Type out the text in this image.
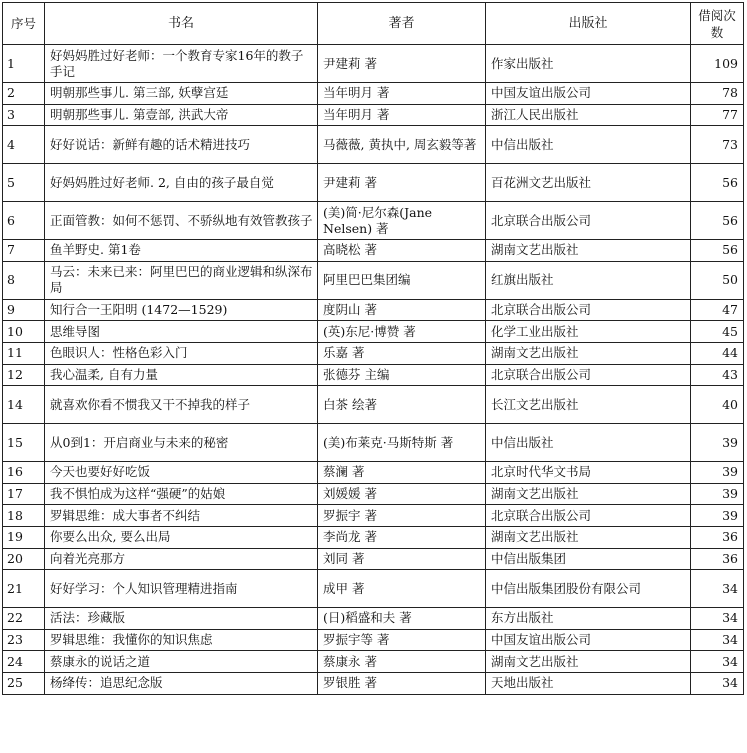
序号	书名	著者	出版社	借阅次数
1	好妈妈胜过好老师：一个教育专家16年的教子手记	尹建莉 著	作家出版社	109
2	明朝那些事儿. 第三部, 妖孽宫廷	当年明月 著	中国友谊出版公司	78
3	明朝那些事儿. 第壹部, 洪武大帝	当年明月 著	浙江人民出版社	77
4	好好说话：新鲜有趣的话术精进技巧	马薇薇, 黄执中, 周玄毅等著	中信出版社	73
5	好妈妈胜过好老师. 2, 自由的孩子最自觉	尹建莉 著	百花洲文艺出版社	56
6	正面管教：如何不惩罚、不骄纵地有效管教孩子	(美)简·尼尔森(Jane Nelsen) 著	北京联合出版公司	56
7	鱼羊野史. 第1卷	高晓松 著	湖南文艺出版社	56
8	马云：未来已来：阿里巴巴的商业逻辑和纵深布局	阿里巴巴集团编	红旗出版社	50
9	知行合一王阳明 (1472—1529)	度阴山 著	北京联合出版公司	47
10	思维导图	(英)东尼·博赞 著	化学工业出版社	45
11	色眼识人：性格色彩入门	乐嘉 著	湖南文艺出版社	44
12	我心温柔, 自有力量	张德芬 主编	北京联合出版公司	43
14	就喜欢你看不惯我又干不掉我的样子	白茶 绘著	长江文艺出版社	40
15	从0到1：开启商业与未来的秘密	(美)布莱克·马斯特斯 著	中信出版社	39
16	今天也要好好吃饭	蔡澜 著	北京时代华文书局	39
17	我不惧怕成为这样“强硬”的姑娘	刘媛媛 著	湖南文艺出版社	39
18	罗辑思维：成大事者不纠结	罗振宇 著	北京联合出版公司	39
19	你要么出众, 要么出局	李尚龙 著	湖南文艺出版社	36
20	向着光亮那方	刘同 著	中信出版集团	36
21	好好学习：个人知识管理精进指南	成甲 著	中信出版集团股份有限公司	34
22	活法：珍藏版	(日)稻盛和夫 著	东方出版社	34
23	罗辑思维：我懂你的知识焦虑	罗振宇等 著	中国友谊出版公司	34
24	蔡康永的说话之道	蔡康永 著	湖南文艺出版社	34
25	杨绛传：追思纪念版	罗银胜 著	天地出版社	34
